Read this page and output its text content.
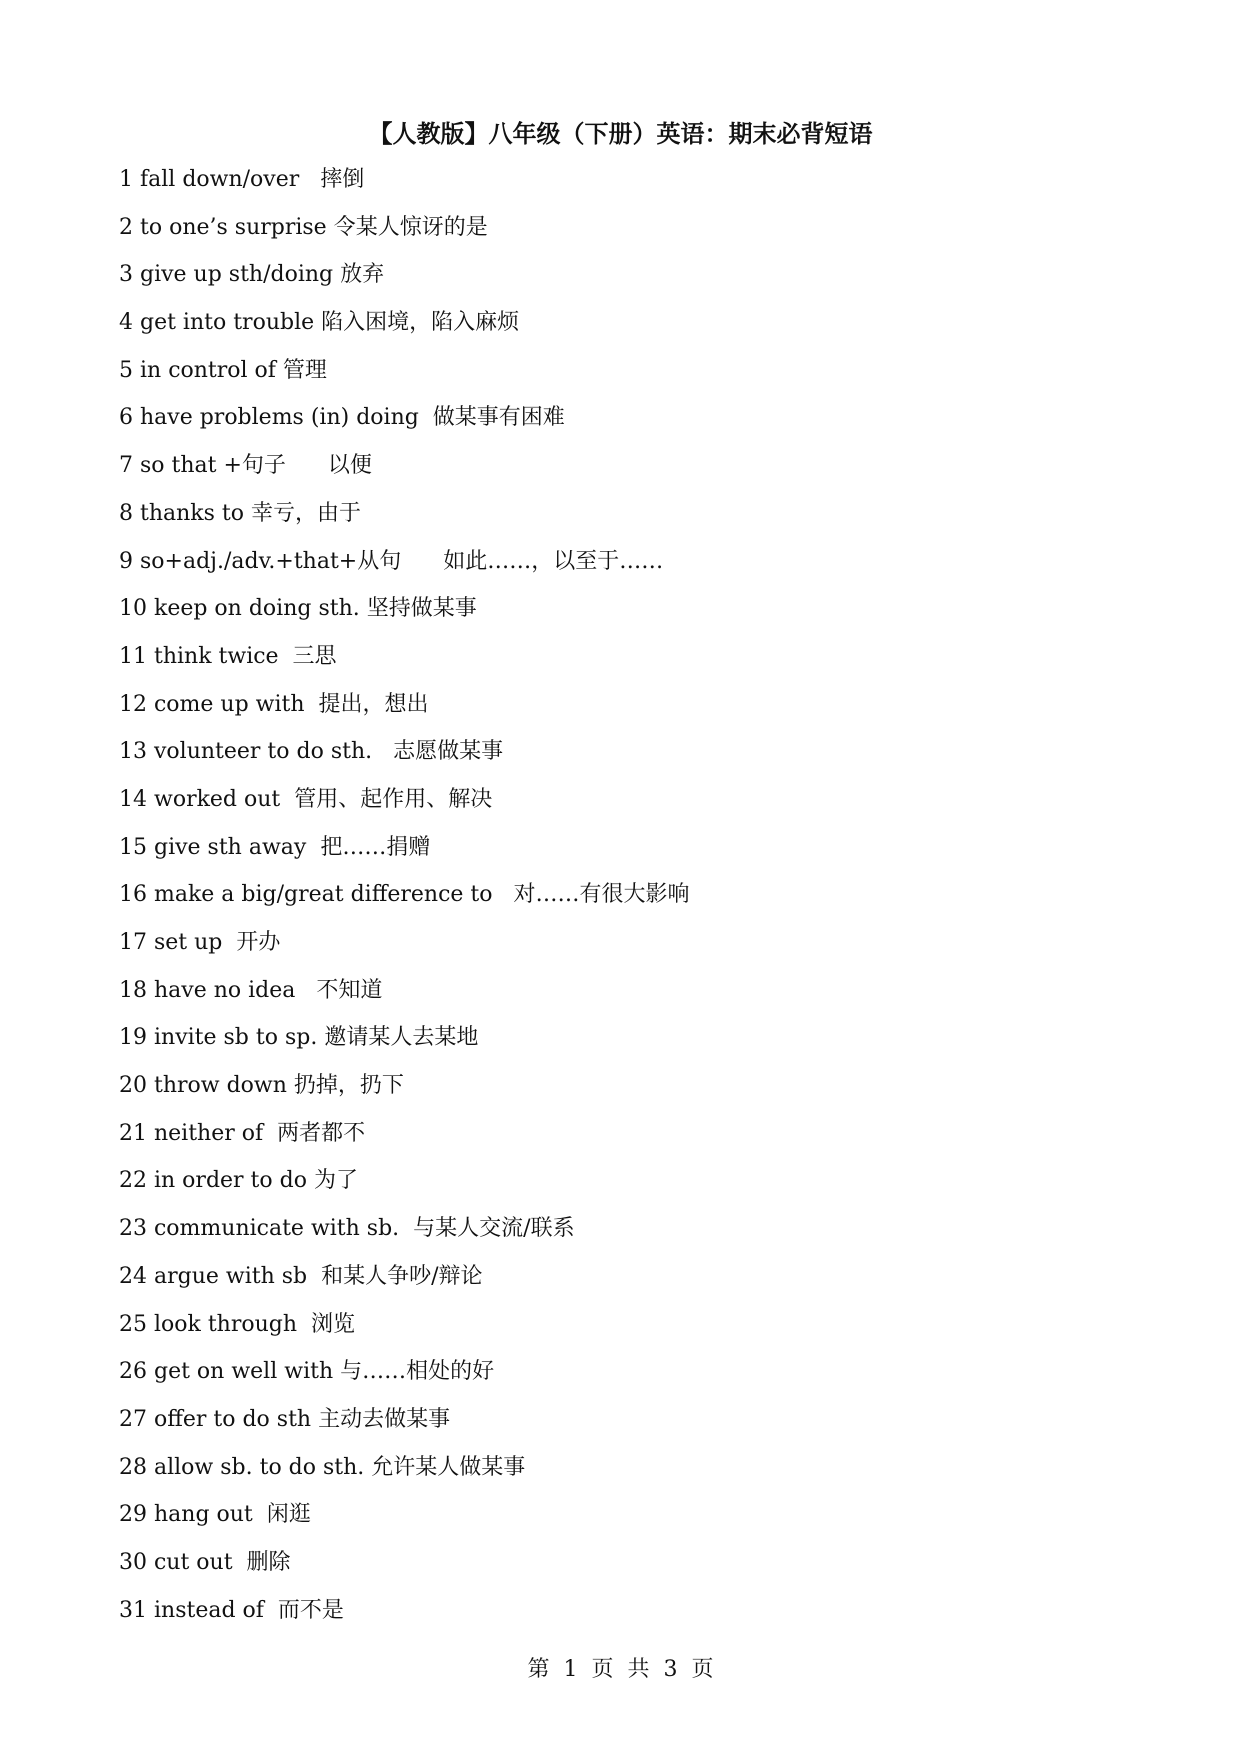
【人教版】八年级（下册）英语：期末必背短语
1 fall down/over   摔倒
2 to one’s surprise 令某人惊讶的是
3 give up sth/doing 放弃
4 get into trouble 陷入困境，陷入麻烦
5 in control of 管理
6 have problems (in) doing  做某事有困难
7 so that +句子      以便
8 thanks to 幸亏，由于
9 so+adj./adv.+that+从句      如此……，以至于……
10 keep on doing sth. 坚持做某事
11 think twice  三思
12 come up with  提出，想出
13 volunteer to do sth.   志愿做某事
14 worked out  管用、起作用、解决
15 give sth away  把……捐赠
16 make a big/great difference to   对……有很大影响
17 set up  开办
18 have no idea   不知道
19 invite sb to sp. 邀请某人去某地
20 throw down 扔掉，扔下
21 neither of  两者都不
22 in order to do 为了
23 communicate with sb.  与某人交流/联系
24 argue with sb  和某人争吵/辩论
25 look through  浏览
26 get on well with 与……相处的好
27 offer to do sth 主动去做某事
28 allow sb. to do sth. 允许某人做某事
29 hang out  闲逛
30 cut out  删除
31 instead of  而不是
第  1  页  共  3  页
